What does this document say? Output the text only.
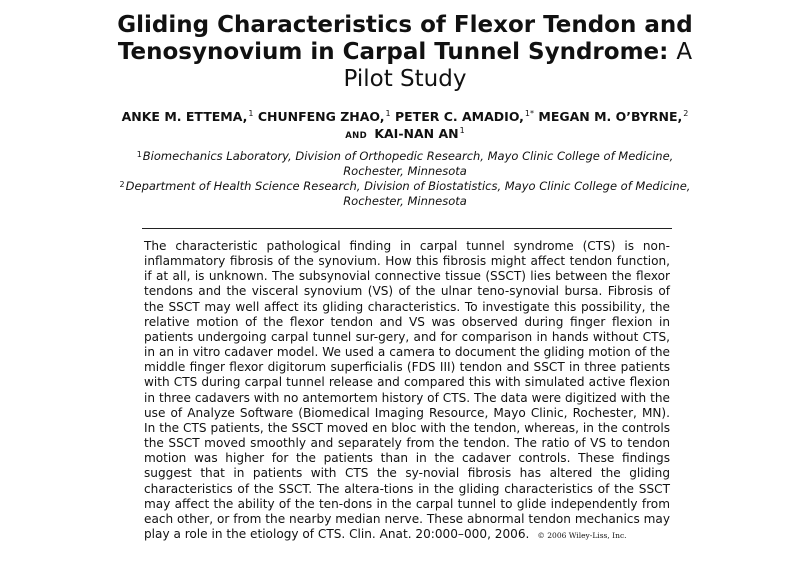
Gliding Characteristics of Flexor Tendon and Tenosynovium in Carpal Tunnel Syndrome: A Pilot Study
ANKE M. ETTEMA,$^1$ CHUNFENG ZHAO,$^1$ PETER C. AMADIO,$^{1*}$ MEGAN M. O’BYRNE,$^2$
AND KAI-NAN $AN^1$
$^1$Biomechanics Laboratory, Division of Orthopedic Research, Mayo Clinic College of Medicine,
Rochester, Minnesota
$^2$Department of Health Science Research, Division of Biostatistics, Mayo Clinic College of Medicine,
Rochester, Minnesota
The characteristic pathological finding in carpal tunnel syndrome (CTS) is non-inflammatory fibrosis of the synovium. How this fibrosis might affect tendon function, if at all, is unknown. The subsynovial connective tissue (SSCT) lies between the flexor tendons and the visceral synovium (VS) of the ulnar teno-synovial bursa. Fibrosis of the SSCT may well affect its gliding characteristics. To investigate this possibility, the relative motion of the flexor tendon and VS was observed during finger flexion in patients undergoing carpal tunnel sur-gery, and for comparison in hands without CTS, in an in vitro cadaver model. We used a camera to document the gliding motion of the middle finger flexor digitorum superficialis (FDS III) tendon and SSCT in three patients with CTS during carpal tunnel release and compared this with simulated active flexion in three cadavers with no antemortem history of CTS. The data were digitized with the use of Analyze Software (Biomedical Imaging Resource, Mayo Clinic, Rochester, MN). In the CTS patients, the SSCT moved en bloc with the tendon, whereas, in the controls the SSCT moved smoothly and separately from the tendon. The ratio of VS to tendon motion was higher for the patients than in the cadaver controls. These findings suggest that in patients with CTS the sy-novial fibrosis has altered the gliding characteristics of the SSCT. The altera-tions in the gliding characteristics of the SSCT may affect the ability of the ten-dons in the carpal tunnel to glide independently from each other, or from the nearby median nerve. These abnormal tendon mechanics may play a role in the etiology of CTS. Clin. Anat. 20:000–000, 2006. © 2006 Wiley-Liss, Inc.
